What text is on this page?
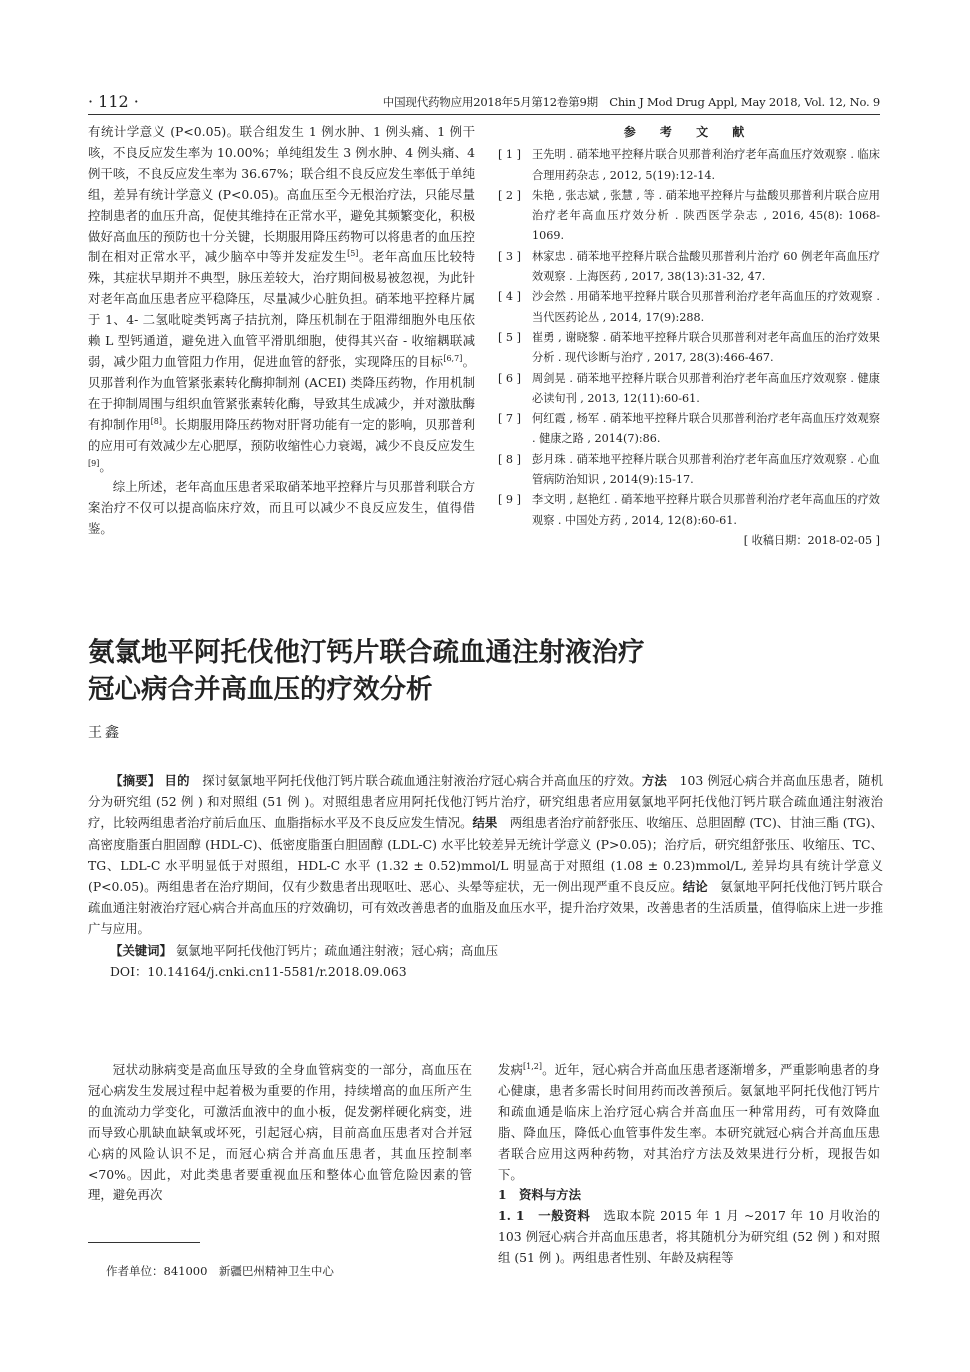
· 112 ·	中国现代药物应用2018年5月第12卷第9期　Chin J Mod Drug Appl, May 2018, Vol. 12, No. 9

有统计学意义 (P<0.05)。联合组发生 1 例水肿、1 例头痛、1 例干咳，不良反应发生率为 10.00%；单纯组发生 3 例水肿、4 例头痛、4 例干咳，不良反应发生率为 36.67%；联合组不良反应发生率低于单纯组，差异有统计学意义 (P<0.05)。高血压至今无根治疗法，只能尽量控制患者的血压升高，促使其维持在正常水平，避免其频繁变化，积极做好高血压的预防也十分关键，长期服用降压药物可以将患者的血压控制在相对正常水平，减少脑卒中等并发症发生[5]。老年高血压比较特殊，其症状早期并不典型，脉压差较大，治疗期间极易被忽视，为此针对老年高血压患者应平稳降压，尽量减少心脏负担。硝苯地平控释片属于 1、4- 二氢吡啶类钙离子拮抗剂，降压机制在于阻滞细胞外电压依赖 L 型钙通道，避免进入血管平滑肌细胞，使得其兴奋 - 收缩耦联减弱，减少阻力血管阻力作用，促进血管的舒张，实现降压的目标[6,7]。贝那普利作为血管紧张素转化酶抑制剂 (ACEI) 类降压药物，作用机制在于抑制周围与组织血管紧张素转化酶，导致其生成减少，并对激肽酶有抑制作用[8]。长期服用降压药物对肝肾功能有一定的影响，贝那普利的应用可有效减少左心肥厚，预防收缩性心力衰竭，减少不良反应发生[9]。

综上所述，老年高血压患者采取硝苯地平控释片与贝那普利联合方案治疗不仅可以提高临床疗效，而且可以减少不良反应发生，值得借鉴。

参 考 文 献
[ 1 ] 王先明 . 硝苯地平控释片联合贝那普利治疗老年高血压疗效观察 . 临床合理用药杂志 , 2012, 5(19):12-14.
[ 2 ] 朱艳 , 张志斌 , 张慧 , 等 . 硝苯地平控释片与盐酸贝那普利片联合应用治疗老年高血压疗效分析 . 陕西医学杂志 , 2016, 45(8): 1068-1069.
[ 3 ] 林家忠 . 硝苯地平控释片联合盐酸贝那普利片治疗 60 例老年高血压疗效观察 . 上海医药 , 2017, 38(13):31-32, 47.
[ 4 ] 沙会然 . 用硝苯地平控释片联合贝那普利治疗老年高血压的疗效观察 . 当代医药论丛 , 2014, 17(9):288.
[ 5 ] 崔勇 , 谢晓黎 . 硝苯地平控释片联合贝那普利对老年高血压的治疗效果分析 . 现代诊断与治疗 , 2017, 28(3):466-467.
[ 6 ] 周剑晃 . 硝苯地平控释片联合贝那普利治疗老年高血压疗效观察 . 健康必读旬刊 , 2013, 12(11):60-61.
[ 7 ] 何红霞 , 杨军 . 硝苯地平控释片联合贝那普利治疗老年高血压疗效观察 . 健康之路 , 2014(7):86.
[ 8 ] 彭月珠 . 硝苯地平控释片联合贝那普利治疗老年高血压疗效观察 . 心血管病防治知识 , 2014(9):15-17.
[ 9 ] 李文明 , 赵艳红 . 硝苯地平控释片联合贝那普利治疗老年高血压的疗效观察 . 中国处方药 , 2014, 12(8):60-61.
[ 收稿日期：2018-02-05 ]
氨氯地平阿托伐他汀钙片联合疏血通注射液治疗
冠心病合并高血压的疗效分析
王鑫

【摘要】 目的　 探讨氨氯地平阿托伐他汀钙片联合疏血通注射液治疗冠心病合并高血压的疗效。方法　 103 例冠心病合并高血压患者，随机分为研究组 (52 例 ) 和对照组 (51 例 )。对照组患者应用阿托伐他汀钙片治疗，研究组患者应用氨氯地平阿托伐他汀钙片联合疏血通注射液治疗，比较两组患者治疗前后血压、血脂指标水平及不良反应发生情况。结果　 两组患者治疗前舒张压、收缩压、总胆固醇 (TC)、甘油三酯 (TG)、高密度脂蛋白胆固醇 (HDL-C)、低密度脂蛋白胆固醇 (LDL-C) 水平比较差异无统计学意义 (P>0.05)；治疗后，研究组舒张压、收缩压、TC、TG、LDL-C 水平明显低于对照组，HDL-C 水平 (1.32 ± 0.52)mmol/L 明显高于对照组 (1.08 ± 0.23)mmol/L, 差异均具有统计学意义 (P<0.05)。两组患者在治疗期间，仅有少数患者出现呕吐、恶心、头晕等症状，无一例出现严重不良反应。结论　 氨氯地平阿托伐他汀钙片联合疏血通注射液治疗冠心病合并高血压的疗效确切，可有效改善患者的血脂及血压水平，提升治疗效果，改善患者的生活质量，值得临床上进一步推广与应用。

【关键词】 氨氯地平阿托伐他汀钙片；疏血通注射液；冠心病；高血压

DOI：10.14164/j.cnki.cn11-5581/r.2018.09.063

冠状动脉病变是高血压导致的全身血管病变的一部分，高血压在冠心病发生发展过程中起着极为重要的作用，持续增高的血压所产生的血流动力学变化，可激活血液中的血小板，促发粥样硬化病变，进而导致心肌缺血缺氧或坏死，引起冠心病，目前高血压患者对合并冠心病的风险认识不足，而冠心病合并高血压患者，其血压控制率 <70%。因此，对此类患者要重视血压和整体心血管危险因素的管理，避免再次

发病[1,2]。近年，冠心病合并高血压患者逐渐增多，严重影响患者的身心健康，患者多需长时间用药而改善预后。氨氯地平阿托伐他汀钙片和疏血通是临床上治疗冠心病合并高血压一种常用药，可有效降血脂、降血压，降低心血管事件发生率。本研究就冠心病合并高血压患者联合应用这两种药物，对其治疗方法及效果进行分析，现报告如下。

1　资料与方法

1. 1　一般资料　 选取本院 2015 年 1 月 ~2017 年 10 月收治的 103 例冠心病合并高血压患者，将其随机分为研究组 (52 例 ) 和对照组 (51 例 )。两组患者性别、年龄及病程等

作者单位：841000　新疆巴州精神卫生中心
